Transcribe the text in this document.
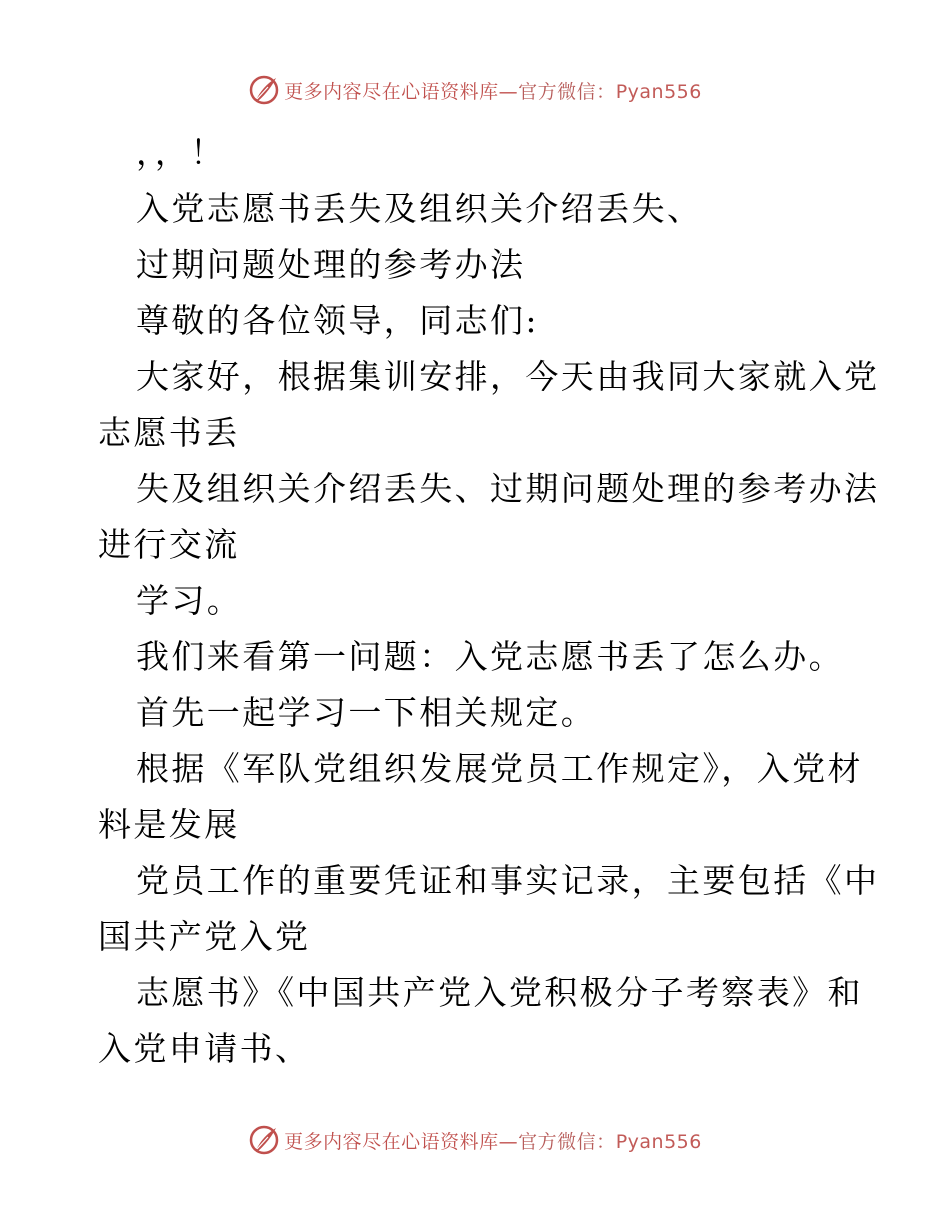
更多内容尽在心语资料库—官方微信：Pyan556
，，！
入党志愿书丢失及组织关介绍丢失、
过期问题处理的参考办法
尊敬的各位领导，同志们:
大家好，根据集训安排，今天由我同大家就入党
志愿书丢
失及组织关介绍丢失、过期问题处理的参考办法
进行交流
学习。
我们来看第一问题：入党志愿书丢了怎么办。
首先一起学习一下相关规定。
根据《军队党组织发展党员工作规定》，入党材
料是发展
党员工作的重要凭证和事实记录，主要包括《中
国共产党入党
志愿书》《中国共产党入党积极分子考察表》和
入党申请书、
更多内容尽在心语资料库—官方微信：Pyan556
